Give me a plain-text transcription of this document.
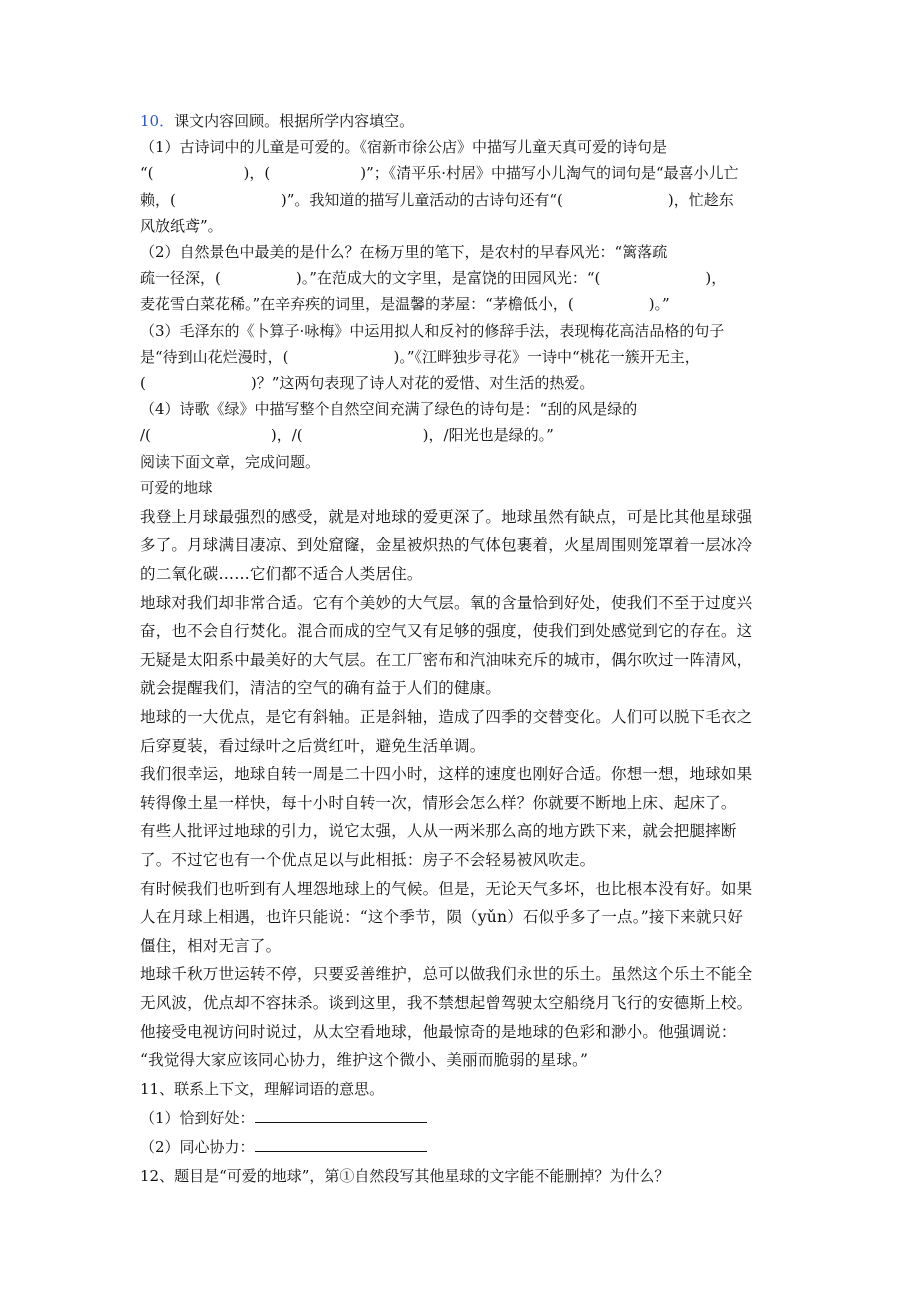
10．课文内容回顾。根据所学内容填空。

（1）古诗词中的儿童是可爱的。《宿新市徐公店》中描写儿童天真可爱的诗句是

“(　　　　　　)，(　　　　　　)”；《清平乐·村居》中描写小儿淘气的词句是“最喜小儿亡

赖，(　　　　　　　)”。我知道的描写儿童活动的古诗句还有“(　　　　　　　)，忙趁东

风放纸鸢”。

（2）自然景色中最美的是什么？在杨万里的笔下，是农村的早春风光：“篱落疏

疏一径深，(　　　　　)。”在范成大的文字里，是富饶的田园风光：“(　　　　　　　)，

麦花雪白菜花稀。”在辛弃疾的词里，是温馨的茅屋：“茅檐低小，(　　　　　)。”

（3）毛泽东的《卜算子·咏梅》中运用拟人和反衬的修辞手法，表现梅花高洁品格的句子

是“待到山花烂漫时，(　　　　　　　)。”《江畔独步寻花》一诗中“桃花一簇开无主，

(　　　　　　　)？”这两句表现了诗人对花的爱惜、对生活的热爱。

（4）诗歌《绿》中描写整个自然空间充满了绿色的诗句是：“刮的风是绿的

/(　　　　　　　　)，/(　　　　　　　　)，/阳光也是绿的。”

阅读下面文章，完成问题。

可爱的地球

我登上月球最强烈的感受，就是对地球的爱更深了。地球虽然有缺点，可是比其他星球强
多了。月球满目凄凉、到处窟窿，金星被炽热的气体包裹着，火星周围则笼罩着一层冰冷
的二氧化碳……它们都不适合人类居住。
地球对我们却非常合适。它有个美妙的大气层。氧的含量恰到好处，使我们不至于过度兴
奋，也不会自行焚化。混合而成的空气又有足够的强度，使我们到处感觉到它的存在。这
无疑是太阳系中最美好的大气层。在工厂密布和汽油味充斥的城市，偶尔吹过一阵清风，
就会提醒我们，清洁的空气的确有益于人们的健康。
地球的一大优点，是它有斜轴。正是斜轴，造成了四季的交替变化。人们可以脱下毛衣之
后穿夏装，看过绿叶之后赏红叶，避免生活单调。
我们很幸运，地球自转一周是二十四小时，这样的速度也刚好合适。你想一想，地球如果
转得像土星一样快，每十小时自转一次，情形会怎么样？你就要不断地上床、起床了。
有些人批评过地球的引力，说它太强，人从一两米那么高的地方跌下来，就会把腿摔断
了。不过它也有一个优点足以与此相抵：房子不会轻易被风吹走。
有时候我们也听到有人埋怨地球上的气候。但是，无论天气多坏，也比根本没有好。如果
人在月球上相遇，也许只能说：“这个季节，陨（yǔn）石似乎多了一点。”接下来就只好
僵住，相对无言了。
地球千秋万世运转不停，只要妥善维护，总可以做我们永世的乐土。虽然这个乐土不能全
无风波，优点却不容抹杀。谈到这里，我不禁想起曾驾驶太空船绕月飞行的安德斯上校。
他接受电视访问时说过，从太空看地球，他最惊奇的是地球的色彩和渺小。他强调说：
“我觉得大家应该同心协力，维护这个微小、美丽而脆弱的星球。”

11、联系上下文，理解词语的意思。

（1）恰到好处：

（2）同心协力：

12、题目是“可爱的地球”，第①自然段写其他星球的文字能不能删掉？为什么？
